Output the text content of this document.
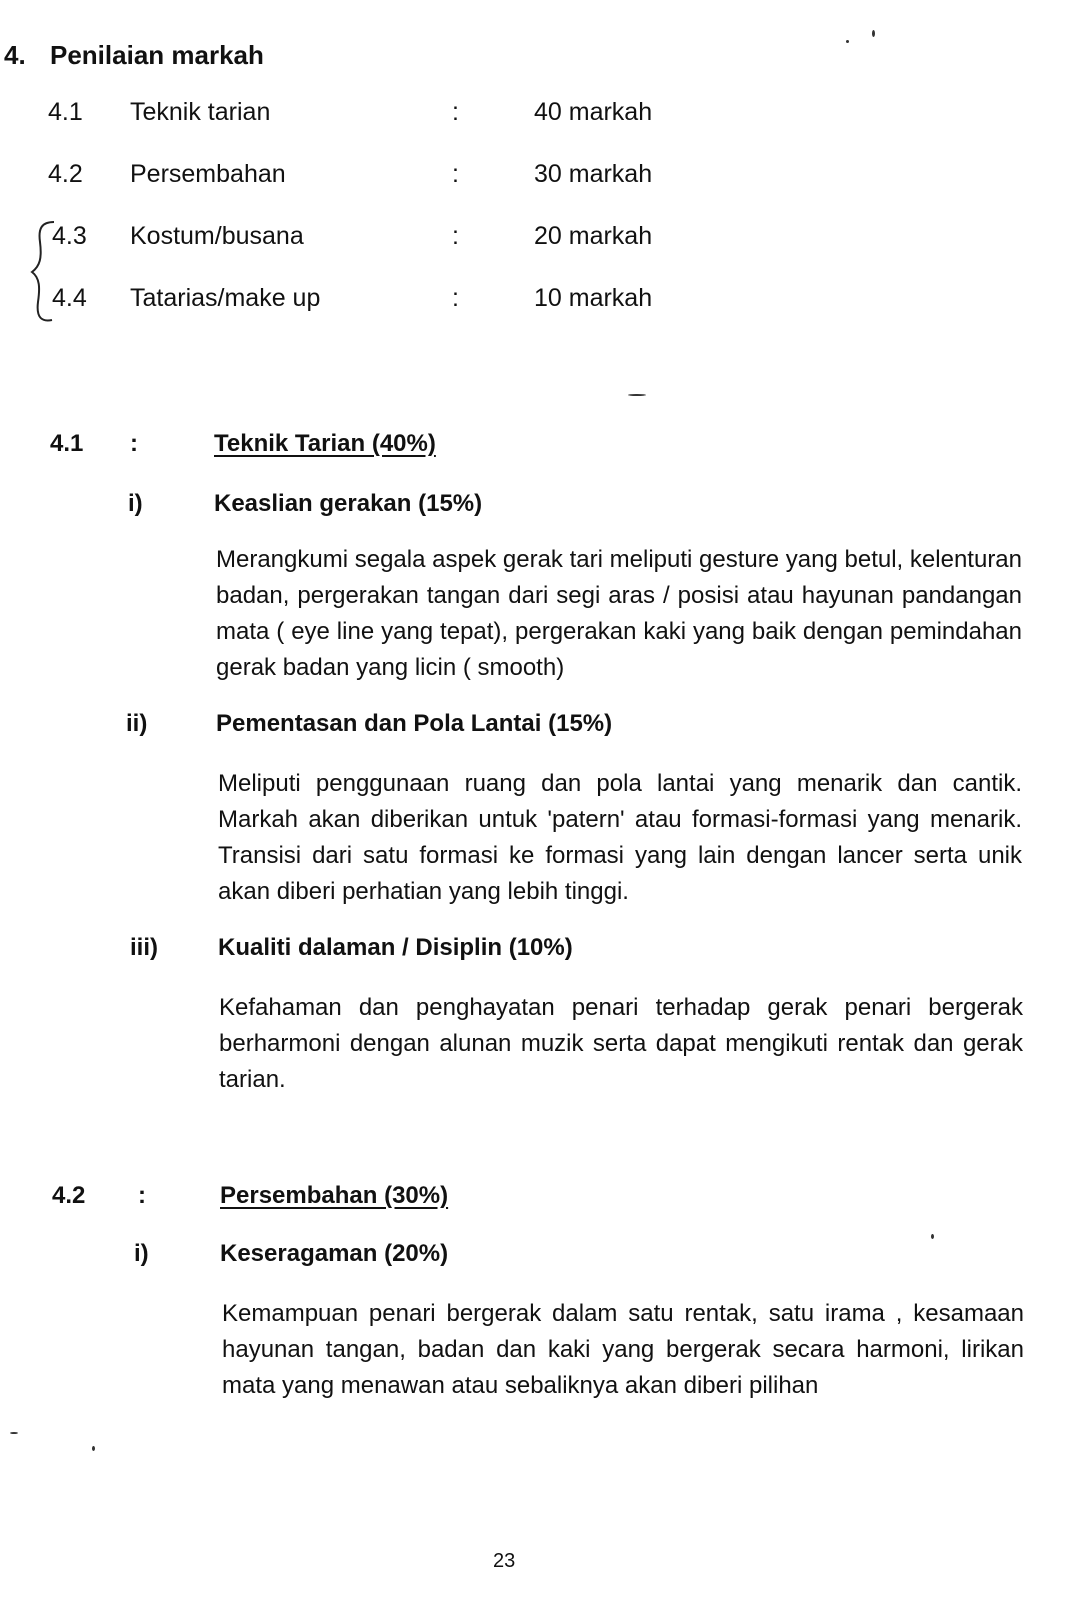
4. Penilaian markah
4.1 Teknik tarian	:	40 markah
4.2 Persembahan	:	30 markah
4.3 Kostum/busana	:	20 markah
4.4 Tatarias/make up	:	10 markah
4.1 :	Teknik Tarian (40%)
i)	Keaslian gerakan (15%)

Merangkumi segala aspek gerak tari meliputi gesture yang betul, kelenturan badan, pergerakan tangan dari segi aras / posisi atau hayunan pandangan mata ( eye line yang tepat), pergerakan kaki yang baik dengan pemindahan gerak badan yang licin ( smooth)

ii)	Pementasan dan Pola Lantai (15%)

Meliputi penggunaan ruang dan pola lantai yang menarik dan cantik. Markah akan diberikan untuk 'patern' atau formasi-formasi yang menarik. Transisi dari satu formasi ke formasi yang lain dengan lancer serta unik akan diberi perhatian yang lebih tinggi.

iii)	Kualiti dalaman / Disiplin (10%)

Kefahaman dan penghayatan penari terhadap gerak penari bergerak berharmoni dengan alunan muzik serta dapat mengikuti rentak dan gerak tarian.

4.2 :	Persembahan (30%)
i)	Keseragaman (20%)

Kemampuan penari bergerak dalam satu rentak, satu irama , kesamaan hayunan tangan, badan dan kaki yang bergerak secara harmoni, lirikan mata yang menawan atau sebaliknya akan diberi pilihan

23
